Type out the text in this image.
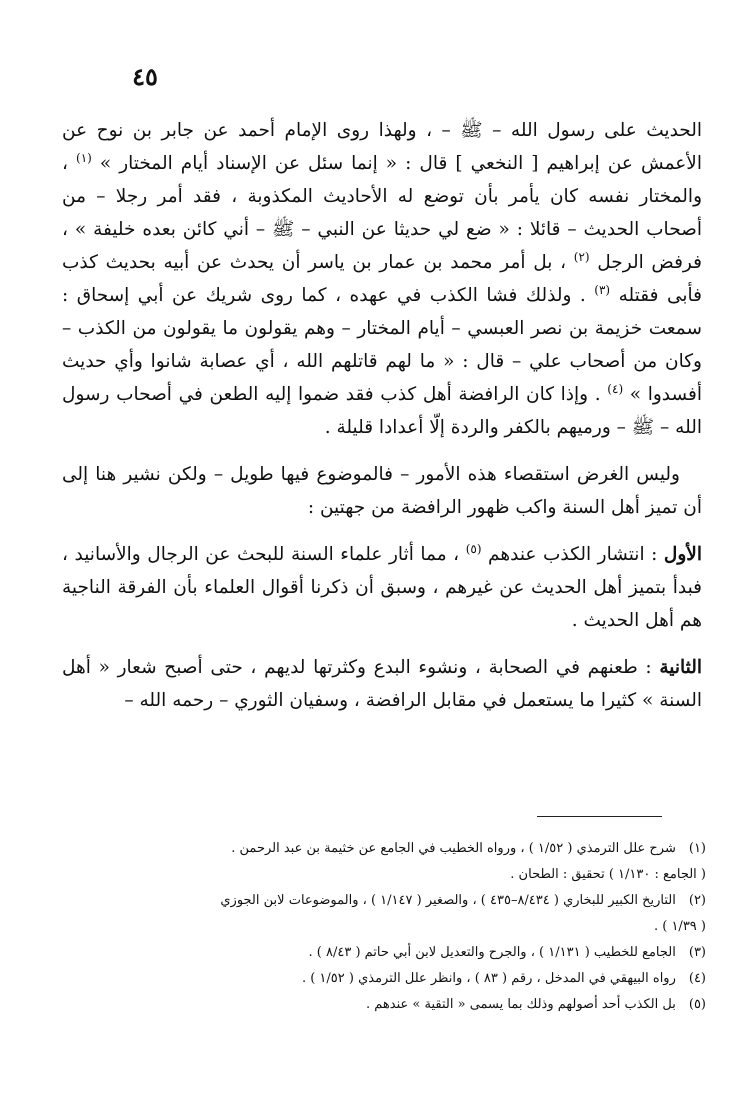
٤٥

الحديث على رسول الله – ﷺ – ، ولهذا روى الإمام أحمد عن جابر بن نوح عن الأعمش عن إبراهيم [ النخعي ] قال : « إنما سئل عن الإسناد أيام المختار » $^{(١)}$ ، والمختار نفسه كان يأمر بأن توضع له الأحاديث المكذوبة ، فقد أمر رجلا – من أصحاب الحديث – قائلا : « ضع لي حديثا عن النبي – ﷺ – أني كائن بعده خليفة » ، فرفض الرجل $^{(٢)}$ ، بل أمر محمد بن عمار بن ياسر أن يحدث عن أبيه بحديث كذب فأبى فقتله $^{(٣)}$ . ولذلك فشا الكذب في عهده ، كما روى شريك عن أبي إسحاق : سمعت خزيمة بن نصر العبسي – أيام المختار – وهم يقولون ما يقولون من الكذب – وكان من أصحاب علي – قال : « ما لهم قاتلهم الله ، أي عصابة شانوا وأي حديث أفسدوا » $^{(٤)}$ . وإذا كان الرافضة أهل كذب فقد ضموا إليه الطعن في أصحاب رسول الله – ﷺ – ورميهم بالكفر والردة إلّا أعدادا قليلة .

وليس الغرض استقصاء هذه الأمور – فالموضوع فيها طويل – ولكن نشير هنا إلى أن تميز أهل السنة واكب ظهور الرافضة من جهتين :

الأول : انتشار الكذب عندهم $^{(٥)}$ ، مما أثار علماء السنة للبحث عن الرجال والأسانيد ، فبدأ بتميز أهل الحديث عن غيرهم ، وسبق أن ذكرنا أقوال العلماء بأن الفرقة الناجية هم أهل الحديث .

الثانية : طعنهم في الصحابة ، ونشوء البدع وكثرتها لديهم ، حتى أصبح شعار « أهل السنة » كثيرا ما يستعمل في مقابل الرافضة ، وسفيان الثوري – رحمه الله –

(١) شرح علل الترمذي ( ١/٥٢ ) ، ورواه الخطيب في الجامع عن خثيمة بن عبد الرحمن .

( الجامع : ١/١٣٠ ) تحقيق : الطحان .

(٢) التاريخ الكبير للبخاري ( ٨/٤٣٤–٤٣٥ ) ، والصغير ( ١/١٤٧ ) ، والموضوعات لابن الجوزي

( ١/٣٩ ) .

(٣) الجامع للخطيب ( ١/١٣١ ) ، والجرح والتعديل لابن أبي حاتم ( ٨/٤٣ ) .

(٤) رواه البيهقي في المدخل ، رقم ( ٨٣ ) ، وانظر علل الترمذي ( ١/٥٢ ) .

(٥) بل الكذب أحد أصولهم وذلك بما يسمى « التقية » عندهم .
